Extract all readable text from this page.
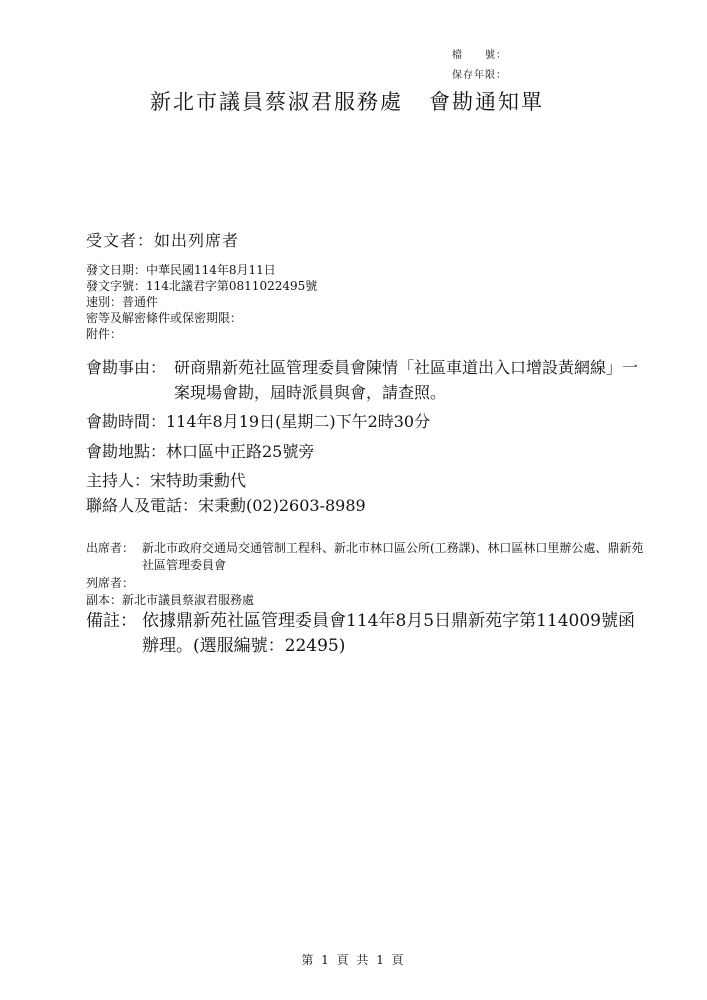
檔　　號：
保存年限：
新北市議員蔡淑君服務處 會勘通知單
受文者：如出列席者
發文日期：中華民國114年8月11日
發文字號：114北議君字第0811022495號
速別：普通件
密等及解密條件或保密期限：
附件：
會勘事由： 研商鼎新苑社區管理委員會陳情「社區車道出入口增設黃網線」一案現場會勘，屆時派員與會，請查照。
會勘時間：114年8月19日(星期二)下午2時30分
會勘地點：林口區中正路25號旁
主持人：宋特助秉勳代
聯絡人及電話：宋秉勳(02)2603-8989
出席者： 新北市政府交通局交通管制工程科、新北市林口區公所(工務課)、林口區林口里辦公處、鼎新苑社區管理委員會
列席者：
副本：新北市議員蔡淑君服務處
備註： 依據鼎新苑社區管理委員會114年8月5日鼎新苑字第114009號函辦理。(選服編號：22495)
第 1 頁 共 1 頁
